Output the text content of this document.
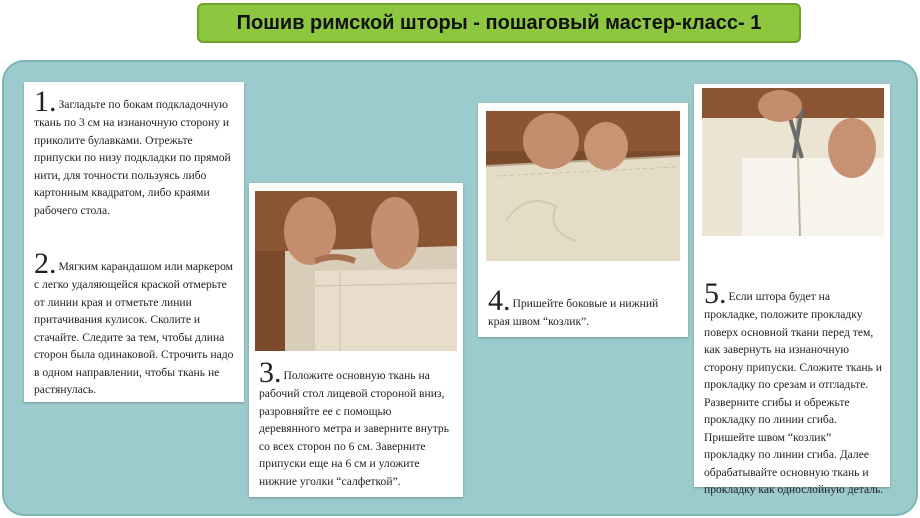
Пошив римской шторы - пошаговый мастер-класс- 1
1. Загладьте по бокам подкладочную ткань по 3 см на изнаночную сторону и приколите булавками. Отрежьте припуски по низу подкладки по прямой нити, для точности пользуясь либо картонным квадратом, либо краями рабочего стола.
2. Мягким карандашом или маркером с легко удаляющейся краской отмерьте от линии края и отметьте линии притачивания кулисок. Сколите и стачайте. Следите за тем, чтобы длина сторон была одинаковой. Строчить надо в одном направлении, чтобы ткань не растянулась.
3. Положите основную ткань на рабочий стол лицевой стороной вниз, разровняйте ее с помощью деревянного метра и заверните внутрь со всех сторон по 6 см. Заверните припуски еще на 6 см и уложите нижние уголки “салфеткой”.
4. Пришейте боковые и нижний края швом “козлик”.
5. Если штора будет на прокладке, положите прокладку поверх основной ткани перед тем, как завернуть на изнаночную сторону припуски. Сложите ткань и прокладку по срезам и отгладьте. Разверните сгибы и обрежьте прокладку по линии сгиба. Пришейте швом “козлик” прокладку по линии сгиба. Далее обрабатывайте основную ткань и прокладку как однослойную деталь.
